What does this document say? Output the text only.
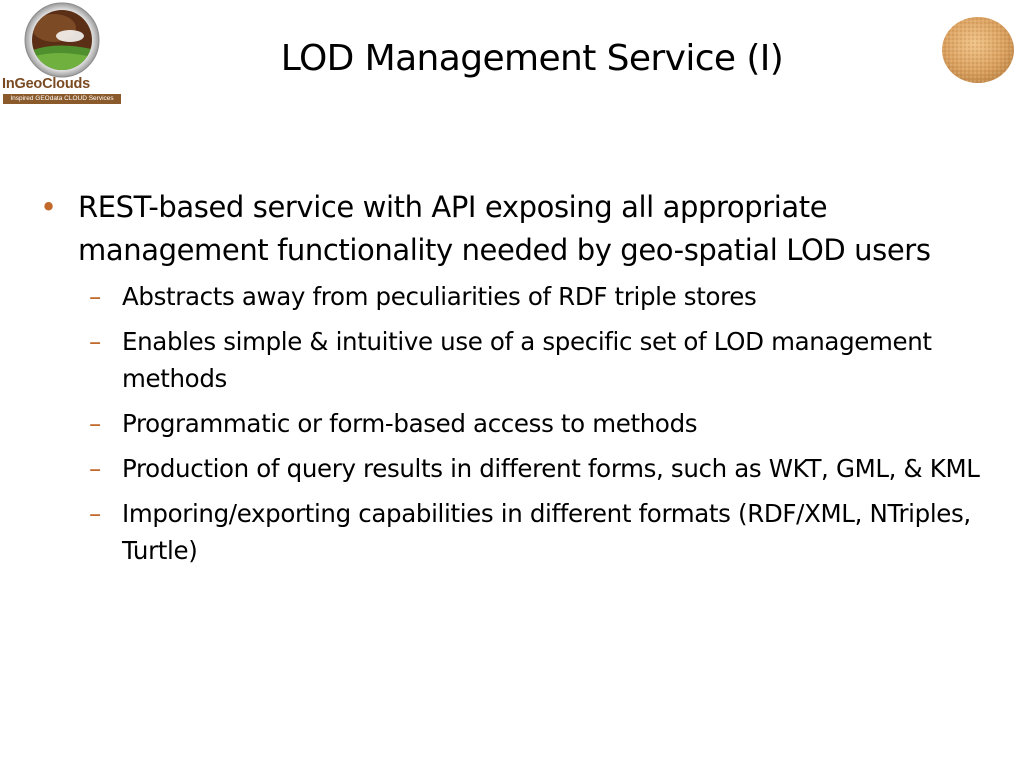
InGeoClouds
Inspired GEOdata CLOUD Services
LOD Management Service (I)
• REST-based service with API exposing all appropriate management functionality needed by geo-spatial LOD users
– Abstracts away from peculiarities of RDF triple stores
– Enables simple & intuitive use of a specific set of LOD management methods
– Programmatic or form-based access to methods
– Production of query results in different forms, such as WKT, GML, & KML
– Imporing/exporting capabilities in different formats (RDF/XML, NTriples, Turtle)
